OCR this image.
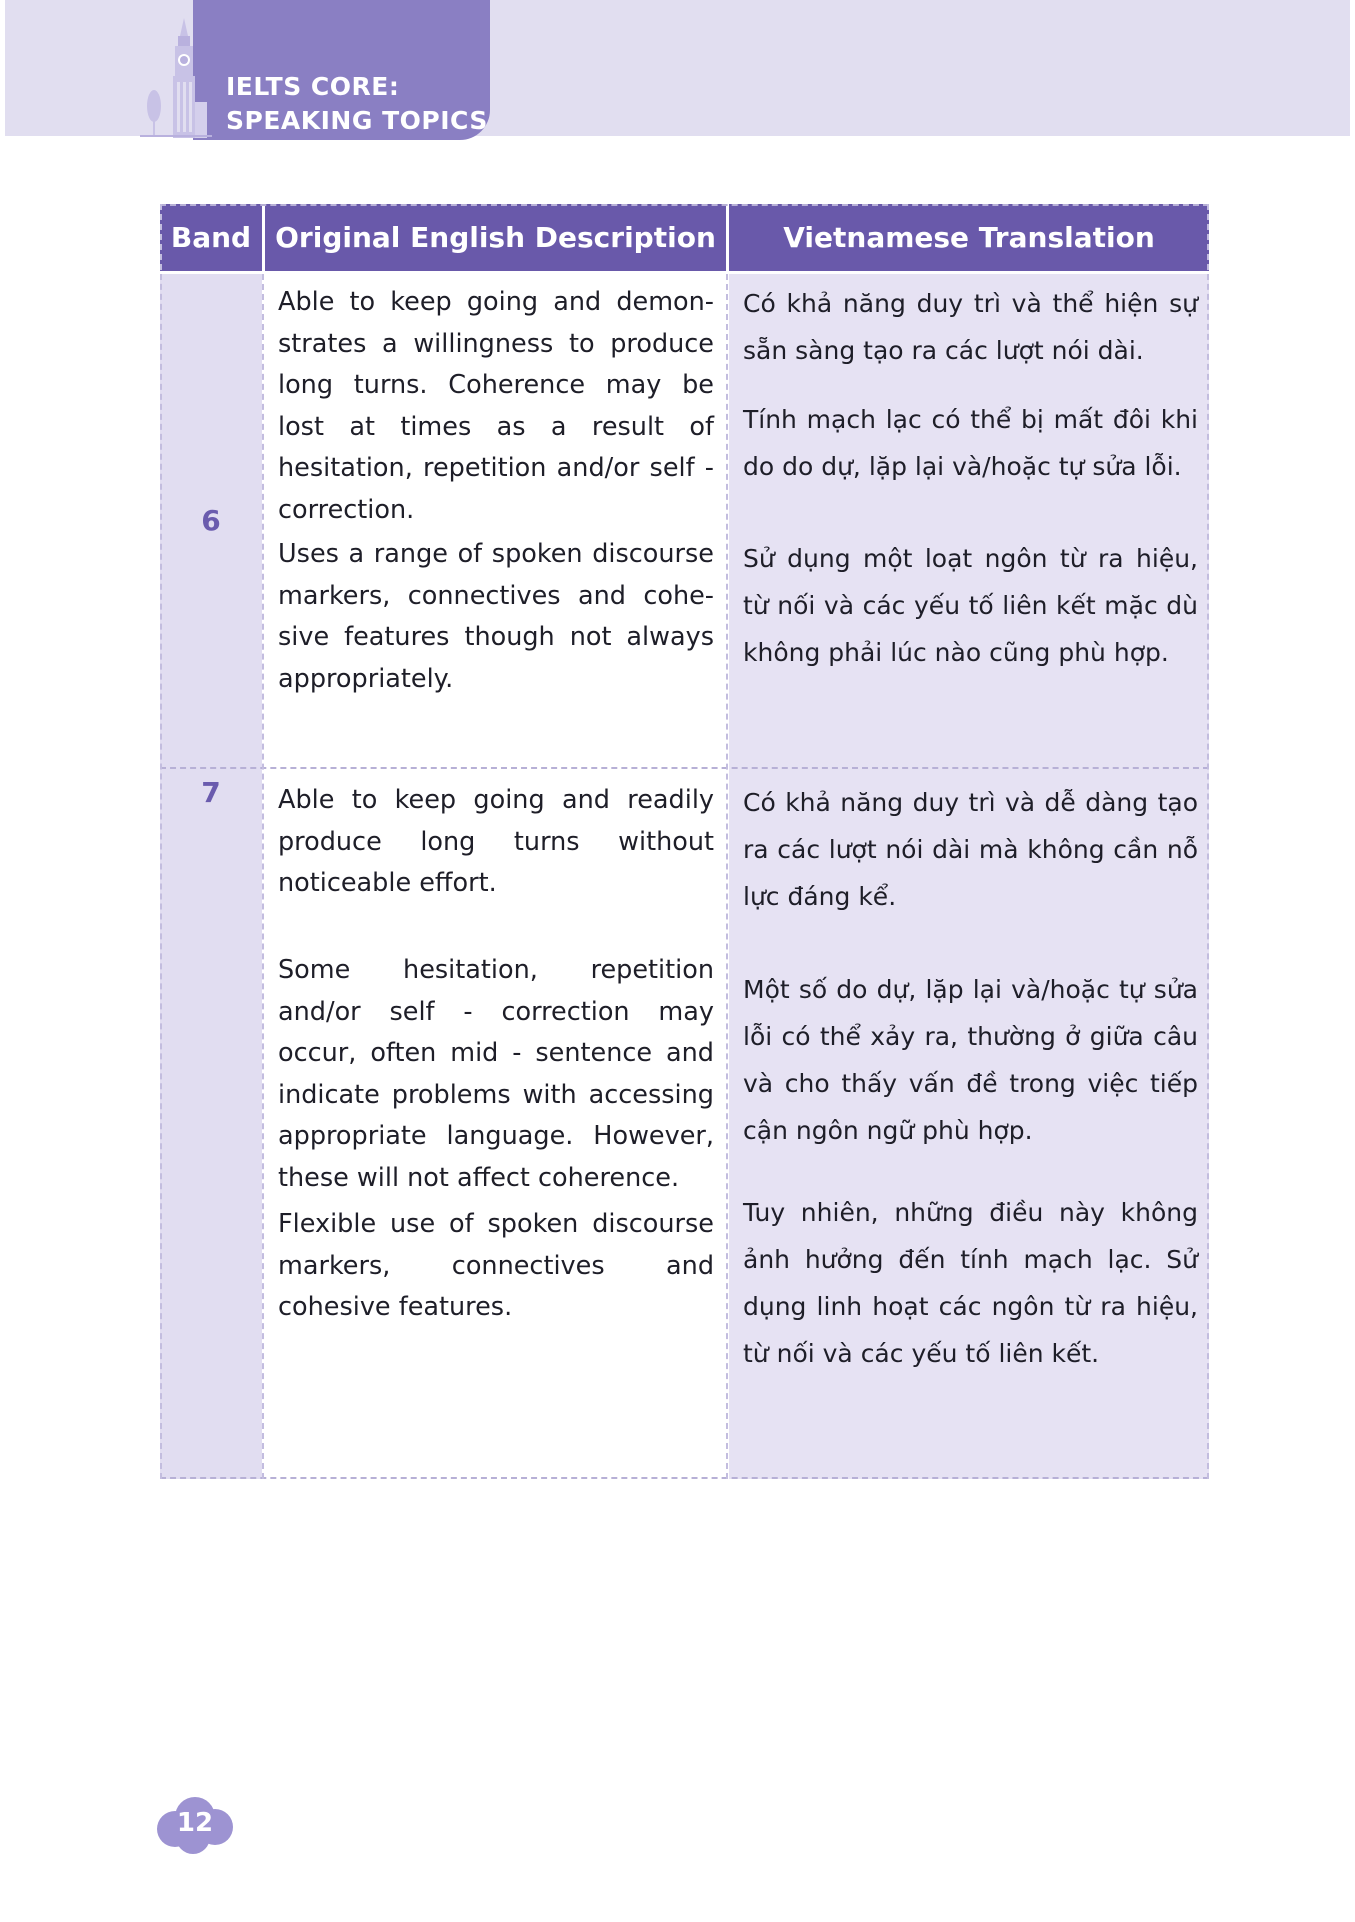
IELTS CORE:
SPEAKING TOPICS
Band Original English Description	Vietnamese Translation
6
7

Able to keep going and demon-strates a willingness to produce long turns. Coherence may be lost at times as a result of hesitation, repetition and/or self - correction.

Uses a range of spoken discourse markers, connectives and cohe-sive features though not always appropriately.

Có khả năng duy trì và thể hiện sự sẵn sàng tạo ra các lượt nói dài.

Tính mạch lạc có thể bị mất đôi khi do do dự, lặp lại và/hoặc tự sửa lỗi.

Sử dụng một loạt ngôn từ ra hiệu, từ nối và các yếu tố liên kết mặc dù không phải lúc nào cũng phù hợp.

Able to keep going and readily produce long turns without noticeable effort.

Some hesitation, repetition and/or self - correction may occur, often mid - sentence and indicate problems with accessing appropriate language. However, these will not affect coherence.

Flexible use of spoken discourse markers, connectives and cohesive features.

Có khả năng duy trì và dễ dàng tạo ra các lượt nói dài mà không cần nỗ lực đáng kể.

Một số do dự, lặp lại và/hoặc tự sửa lỗi có thể xảy ra, thường ở giữa câu và cho thấy vấn đề trong việc tiếp cận ngôn ngữ phù hợp.

Tuy nhiên, những điều này không ảnh hưởng đến tính mạch lạc. Sử dụng linh hoạt các ngôn từ ra hiệu, từ nối và các yếu tố liên kết.

12
